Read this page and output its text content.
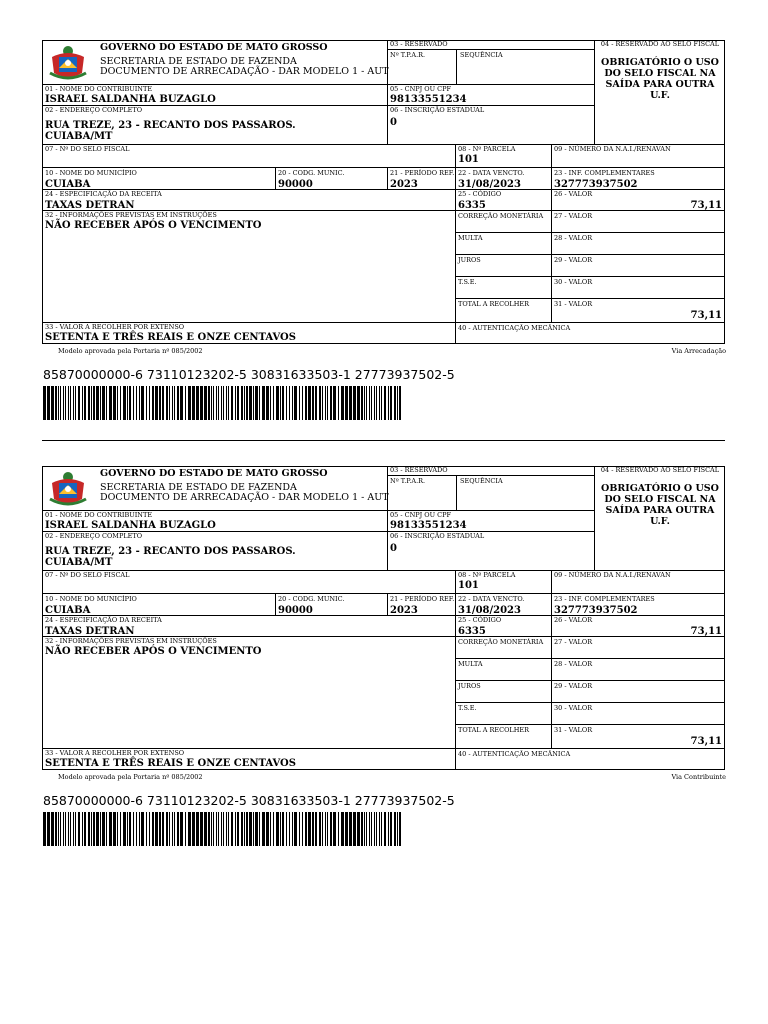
GOVERNO DO ESTADO DE MATO GROSSO
SECRETARIA DE ESTADO DE FAZENDA
DOCUMENTO DE ARRECADAÇÃO - DAR MODELO 1 - AUT
03 - RESERVADO
Nº T.P.A.R.	SEQUÊNCIA
04 - RESERVADO AO SELO FISCAL
OBRIGATÓRIO O USO DO SELO FISCAL NA SAÍDA PARA OUTRA U.F.
01 - NOME DO CONTRIBUINTE
ISRAEL SALDANHA BUZAGLO
05 - CNPJ OU CPF
98133551234
02 - ENDEREÇO COMPLETO
RUA TREZE, 23 - RECANTO DOS PASSAROS.
CUIABA/MT
06 - INSCRIÇÃO ESTADUAL
0
07 - Nº DO SELO FISCAL	08 - Nº PARCELA
101
09 - NÚMERO DA N.A.I./RENAVAN
10 - NOME DO MUNICÍPIO
CUIABA
20 - CODG. MUNIC.
90000
21 - PERÍODO REF.
2023
22 - DATA VENCTO.
31/08/2023
23 - INF. COMPLEMENTARES
327773937502
24 - ESPECIFICAÇÃO DA RECEITA
TAXAS DETRAN
25 - CÓDIGO
6335
26 - VALOR
73,11
32 - INFORMAÇÕES PREVISTAS EM INSTRUÇÕES
NÃO RECEBER APÓS O VENCIMENTO
CORREÇÃO MONETÁRIA 27 - VALOR
MULTA	28 - VALOR
JUROS	29 - VALOR
T.S.E.	30 - VALOR
TOTAL A RECOLHER	31 - VALOR
73,11
33 - VALOR A RECOLHER POR EXTENSO
SETENTA E TRÊS REAIS E ONZE CENTAVOS
40 - AUTENTICAÇÃO MECÂNICA
Modelo aprovada pela Portaria nº 085/2002	Via Arrecadação
85870000000-6 73110123202-5 30831633503-1 27773937502-5
GOVERNO DO ESTADO DE MATO GROSSO
SECRETARIA DE ESTADO DE FAZENDA
DOCUMENTO DE ARRECADAÇÃO - DAR MODELO 1 - AUT
03 - RESERVADO
Nº T.P.A.R.	SEQUÊNCIA
04 - RESERVADO AO SELO FISCAL
OBRIGATÓRIO O USO DO SELO FISCAL NA SAÍDA PARA OUTRA U.F.
01 - NOME DO CONTRIBUINTE
ISRAEL SALDANHA BUZAGLO
05 - CNPJ OU CPF
98133551234
02 - ENDEREÇO COMPLETO
RUA TREZE, 23 - RECANTO DOS PASSAROS.
CUIABA/MT
06 - INSCRIÇÃO ESTADUAL
0
07 - Nº DO SELO FISCAL	08 - Nº PARCELA
101
09 - NÚMERO DA N.A.I./RENAVAN
10 - NOME DO MUNICÍPIO
CUIABA
20 - CODG. MUNIC.
90000
21 - PERÍODO REF.
2023
22 - DATA VENCTO.
31/08/2023
23 - INF. COMPLEMENTARES
327773937502
24 - ESPECIFICAÇÃO DA RECEITA
TAXAS DETRAN
25 - CÓDIGO
6335
26 - VALOR
73,11
32 - INFORMAÇÕES PREVISTAS EM INSTRUÇÕES
NÃO RECEBER APÓS O VENCIMENTO
CORREÇÃO MONETÁRIA 27 - VALOR
MULTA	28 - VALOR
JUROS	29 - VALOR
T.S.E.	30 - VALOR
TOTAL A RECOLHER	31 - VALOR
73,11
33 - VALOR A RECOLHER POR EXTENSO
SETENTA E TRÊS REAIS E ONZE CENTAVOS
40 - AUTENTICAÇÃO MECÂNICA
Modelo aprovada pela Portaria nº 085/2002	Via Contribuinte
85870000000-6 73110123202-5 30831633503-1 27773937502-5
